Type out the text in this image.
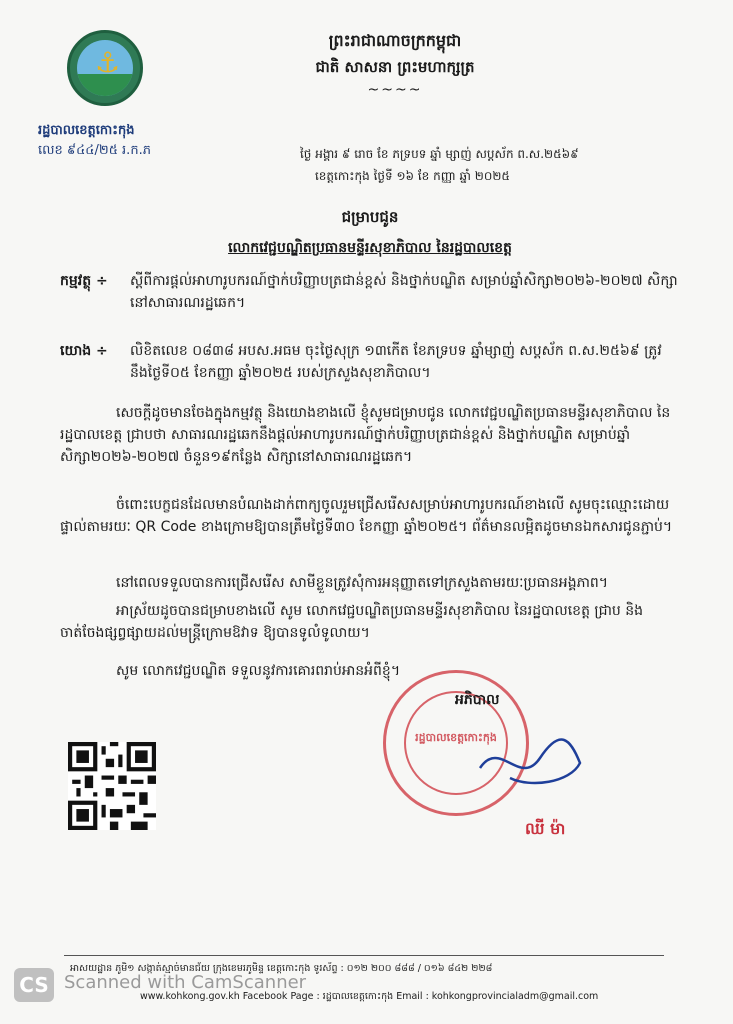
⚓
រដ្ឋបាលខេត្តកោះកុង
លេខ ៩៤៤/២៥ រ.ក.ភ
ព្រះរាជាណាចក្រកម្ពុជា
ជាតិ សាសនា ព្រះមហាក្សត្រ
~~~~
ថ្ងៃ អង្គារ ៩ រោច ខែ ភទ្របទ ឆ្នាំ ម្សាញ់ សប្តស័ក ព.ស.២៥៦៩
ខេត្តកោះកុង ថ្ងៃទី ១៦ ខែ កញ្ញា ឆ្នាំ ២០២៥
ជម្រាបជូន
លោកវេជ្ជបណ្ឌិតប្រធានមន្ទីរសុខាភិបាល នៃរដ្ឋបាលខេត្ត
កម្មវត្ថុ ÷	ស្តីពីការផ្តល់អាហារូបករណ៍ថ្នាក់បរិញ្ញាបត្រជាន់ខ្ពស់ និងថ្នាក់បណ្ឌិត សម្រាប់ឆ្នាំសិក្សា២០២៦-២០២៧ សិក្សានៅសាធារណរដ្ឋឆេក។
យោង ÷	លិខិតលេខ ០៨៣៨ អបស.អធម ចុះថ្ងៃសុក្រ ១៣កើត ខែភទ្របទ ឆ្នាំម្សាញ់ សប្តស័ក ព.ស.២៥៦៩ ត្រូវនឹងថ្ងៃទី០៥ ខែកញ្ញា ឆ្នាំ២០២៥ របស់ក្រសួងសុខាភិបាល។
សេចក្តីដូចមានចែងក្នុងកម្មវត្ថុ និងយោងខាងលើ ខ្ញុំសូមជម្រាបជូន លោកវេជ្ជបណ្ឌិតប្រធានមន្ទីរសុខាភិបាល នៃរដ្ឋបាលខេត្ត ជ្រាបថា សាធារណរដ្ឋឆេកនឹងផ្តល់អាហារូបករណ៍ថ្នាក់បរិញ្ញាបត្រជាន់ខ្ពស់ និងថ្នាក់បណ្ឌិត សម្រាប់ឆ្នាំសិក្សា២០២៦-២០២៧ ចំនួន១៩កន្លែង សិក្សានៅសាធារណរដ្ឋឆេក។
ចំពោះបេក្ខជនដែលមានបំណងដាក់ពាក្យចូលរួមជ្រើសរើសសម្រាប់អាហារូបករណ៍ខាងលើ សូមចុះឈ្មោះដោយផ្ទាល់តាមរយៈ QR Code ខាងក្រោមឱ្យបានត្រឹមថ្ងៃទី៣០ ខែកញ្ញា ឆ្នាំ២០២៥។ ព័ត៌មានលម្អិតដូចមានឯកសារជូនភ្ជាប់។
នៅពេលទទួលបានការជ្រើសរើស សាមីខ្លួនត្រូវសុំការអនុញ្ញាតទៅក្រសួងតាមរយៈប្រធានអង្គភាព។
អាស្រ័យដូចបានជម្រាបខាងលើ សូម លោកវេជ្ជបណ្ឌិតប្រធានមន្ទីរសុខាភិបាល នៃរដ្ឋបាលខេត្ត ជ្រាប និងចាត់ចែងផ្សព្វផ្សាយដល់មន្ត្រីក្រោមឱវាទ ឱ្យបានទូលំទូលាយ។
សូម លោកវេជ្ជបណ្ឌិត ទទួលនូវការគោរពរាប់អានអំពីខ្ញុំ។
រដ្ឋបាលខេត្តកោះកុង
អភិបាល
ឈី ម៉ា
អាសយដ្ឋាន ភូមិ១ សង្កាត់ស្មាច់មានជ័យ ក្រុងខេមរភូមិន្ទ ខេត្តកោះកុង ទូរស័ព្ទ : ០១២ ២០០ ៨៨៨ / ០១៦ ៨៤២ ២២៨
www.kohkong.gov.kh Facebook Page : រដ្ឋបាលខេត្តកោះកុង Email : kohkongprovincialadm@gmail.com
CS Scanned with CamScanner
